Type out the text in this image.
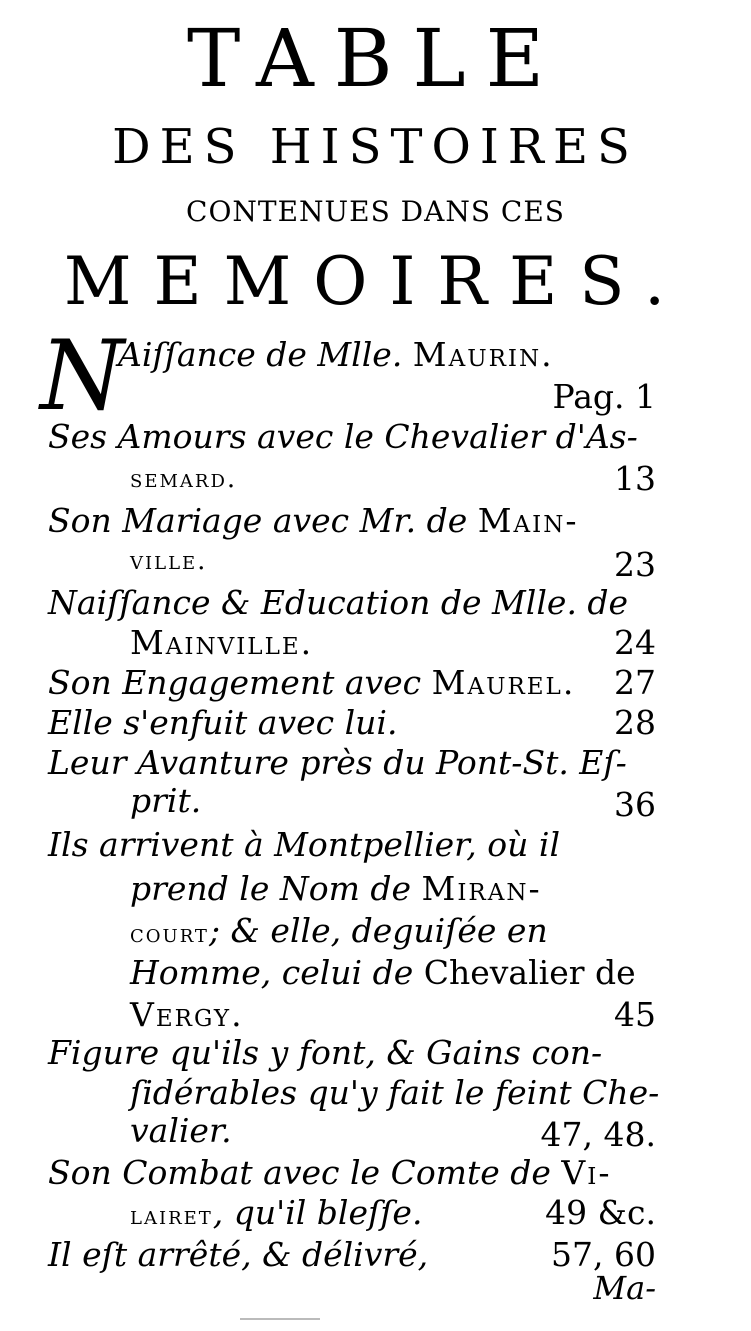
TABLE
DES HISTOIRES
CONTENUES DANS CES
MEMOIRES.
N
Aiſſance de Mlle. Maurin.
Pag. 1
Ses Amours avec le Chevalier d'As-
semard.	13
Son Mariage avec Mr. de Main-
ville.	23
Naiſſance & Education de Mlle. de
Mainville.	24
Son Engagement avec Maurel. 27
Elle s'enfuit avec lui.	28
Leur Avanture près du Pont-St. Eſ-
prit.	36
Ils arrivent à Montpellier, où il
prend le Nom de Miran-
court; & elle, deguiſée en
Homme, celui de Chevalier de
Vergy.	45
Figure qu'ils y font, & Gains con-
ſidérables qu'y fait le feint Che-
valier.	47, 48.
Son Combat avec le Comte de Vi-
lairet, qu'il bleſſe.	49 &c.
Il eſt arrêté, & délivré,	57, 60
Ma-
